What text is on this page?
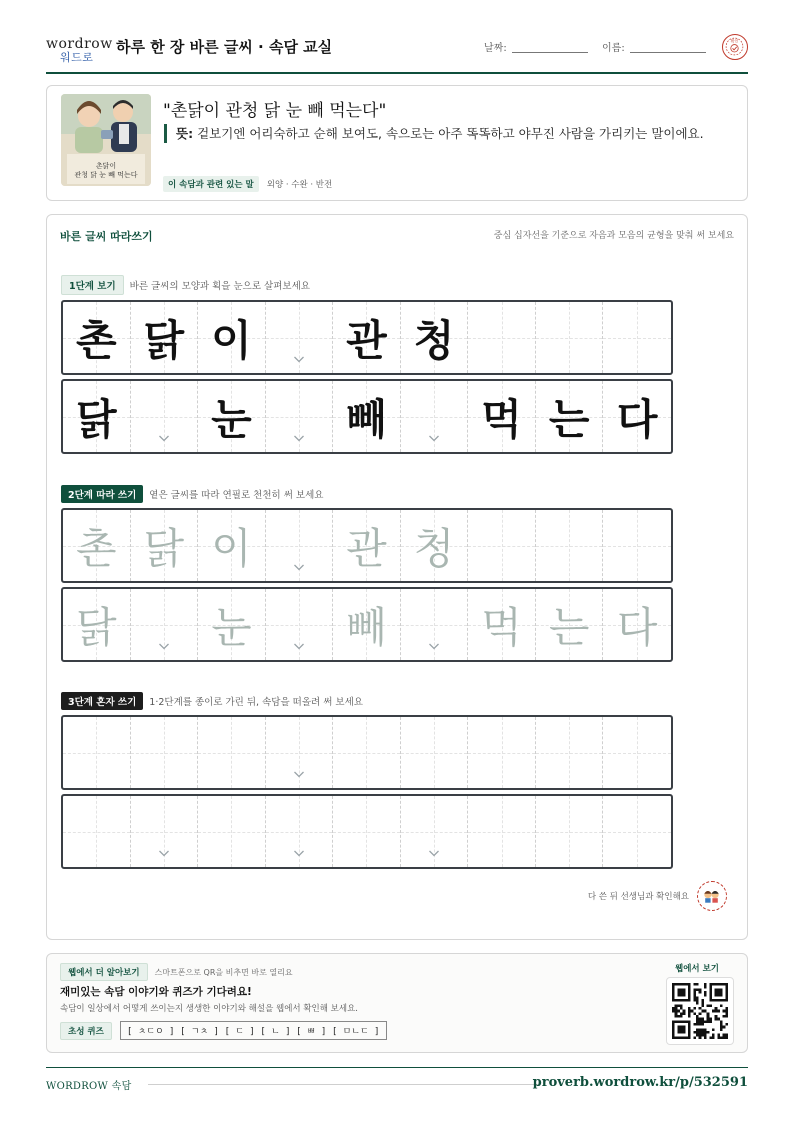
wordrow
워드로
하루 한 장 바른 글씨 · 속담 교실	날짜:	이름:
확인
촌닭이
관청 닭 눈 빼 먹는다
"촌닭이 관청 닭 눈 빼 먹는다"
뜻: 겉보기엔 어리숙하고 순해 보여도, 속으로는 아주 똑똑하고 야무진 사람을 가리키는 말이에요.
이 속담과 관련 있는 말	외양 · 수완 · 반전
바른 글씨 따라쓰기	중심 십자선을 기준으로 자음과 모음의 균형을 맞춰 써 보세요
1단계 보기	바른 글씨의 모양과 획을 눈으로 살펴보세요
촌 닭 이	관 청
닭	눈	빼	먹 는 다
2단계 따라 쓰기	옅은 글씨를 따라 연필로 천천히 써 보세요
촌 닭 이	관 청
닭	눈	빼	먹 는 다
3단계 혼자 쓰기	1·2단계를 종이로 가린 뒤, 속담을 떠올려 써 보세요
다 쓴 뒤 선생님과 확인해요
웹에서 더 알아보기	스마트폰으로 QR을 비추면 바로 열리요
재미있는 속담 이야기와 퀴즈가 기다려요!
속담이 일상에서 어떻게 쓰이는지 생생한 이야기와 해설을 웹에서 확인해 보세요.
초성 퀴즈	[ ㅊㄷㅇ ] [ ㄱㅊ ] [ ㄷ ] [ ㄴ ] [ ㅃ ] [ ㅁㄴㄷ ]
웹에서 보기
WORDROW 속담	proverb.wordrow.kr/p/532591
